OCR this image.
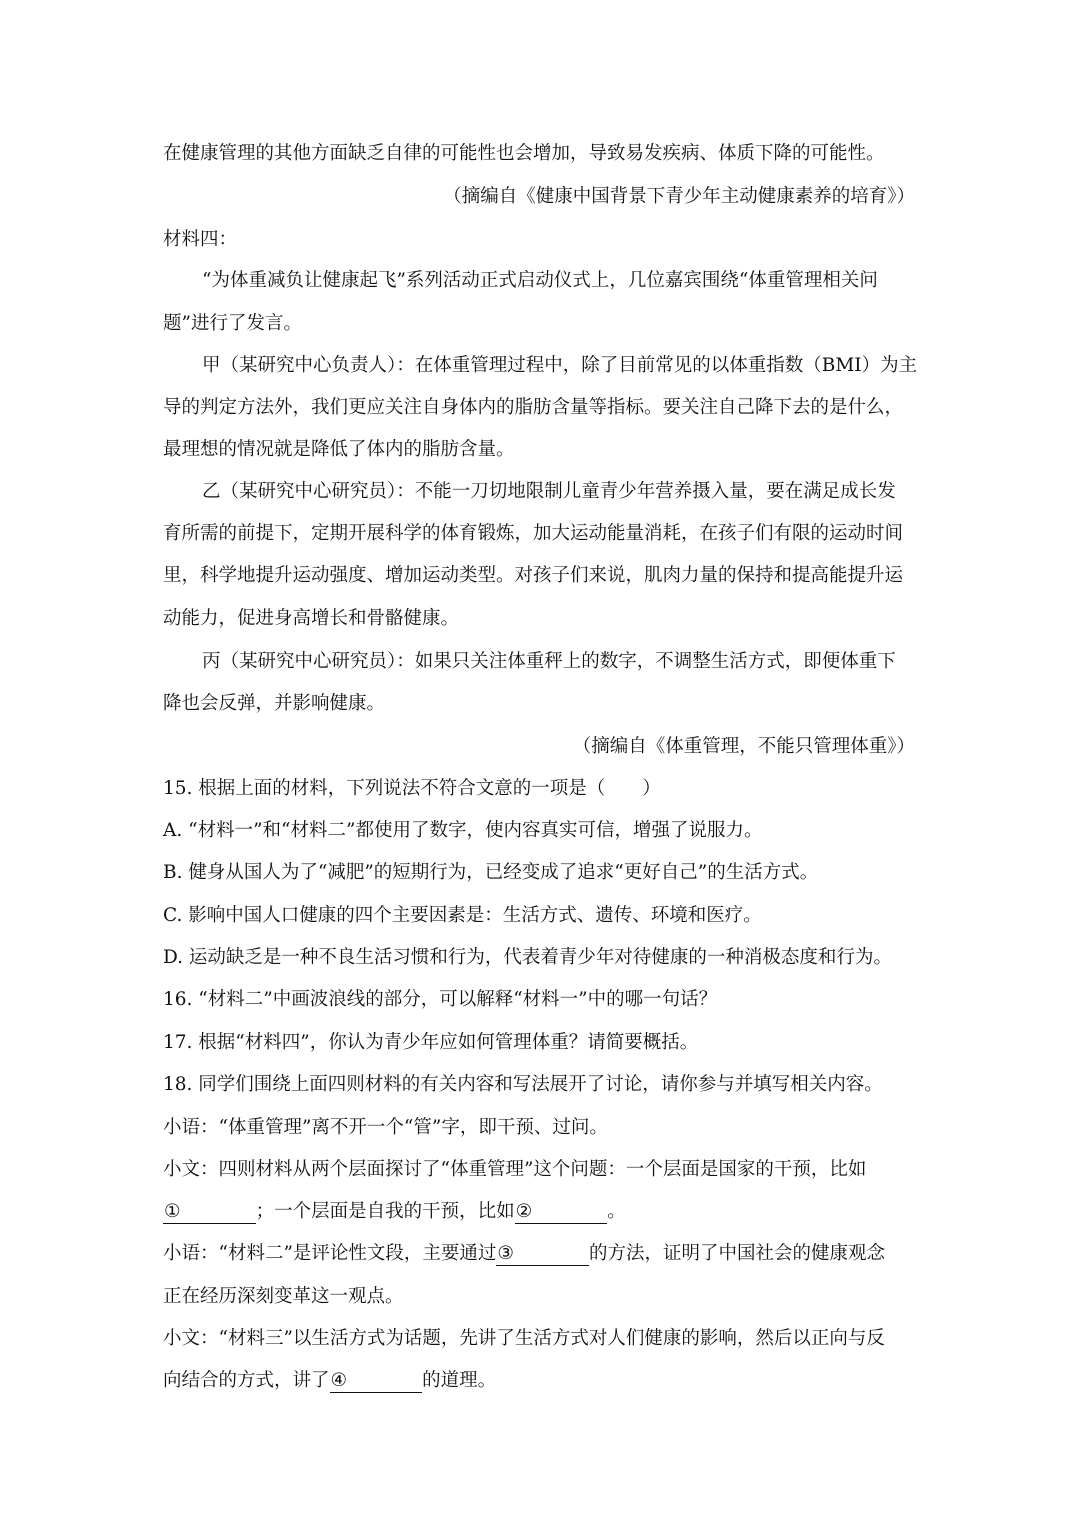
在健康管理的其他方面缺乏自律的可能性也会增加，导致易发疾病、体质下降的可能性。
（摘编自《健康中国背景下青少年主动健康素养的培育》）
材料四：
“为体重减负让健康起飞”系列活动正式启动仪式上，几位嘉宾围绕“体重管理相关问
题”进行了发言。
甲（某研究中心负责人）：在体重管理过程中，除了目前常见的以体重指数（BMI）为主
导的判定方法外，我们更应关注自身体内的脂肪含量等指标。要关注自己降下去的是什么，
最理想的情况就是降低了体内的脂肪含量。
乙（某研究中心研究员）：不能一刀切地限制儿童青少年营养摄入量，要在满足成长发
育所需的前提下，定期开展科学的体育锻炼，加大运动能量消耗，在孩子们有限的运动时间
里，科学地提升运动强度、增加运动类型。对孩子们来说，肌肉力量的保持和提高能提升运
动能力，促进身高增长和骨骼健康。
丙（某研究中心研究员）：如果只关注体重秤上的数字，不调整生活方式，即便体重下
降也会反弹，并影响健康。
（摘编自《体重管理，不能只管理体重》）
15. 根据上面的材料，下列说法不符合文意的一项是（　　）
A. “材料一”和“材料二”都使用了数字，使内容真实可信，增强了说服力。
B. 健身从国人为了“减肥”的短期行为，已经变成了追求“更好自己”的生活方式。
C. 影响中国人口健康的四个主要因素是：生活方式、遗传、环境和医疗。
D. 运动缺乏是一种不良生活习惯和行为，代表着青少年对待健康的一种消极态度和行为。
16. “材料二”中画波浪线的部分，可以解释“材料一”中的哪一句话？
17. 根据“材料四”，你认为青少年应如何管理体重？请简要概括。
18. 同学们围绕上面四则材料的有关内容和写法展开了讨论，请你参与并填写相关内容。
小语：“体重管理”离不开一个“管”字，即干预、过问。
小文：四则材料从两个层面探讨了“体重管理”这个问题：一个层面是国家的干预，比如
①　　　　；一个层面是自我的干预，比如②　　　　。
小语：“材料二”是评论性文段，主要通过③　　　　的方法，证明了中国社会的健康观念
正在经历深刻变革这一观点。
小文：“材料三”以生活方式为话题，先讲了生活方式对人们健康的影响，然后以正向与反
向结合的方式，讲了④　　　　的道理。
